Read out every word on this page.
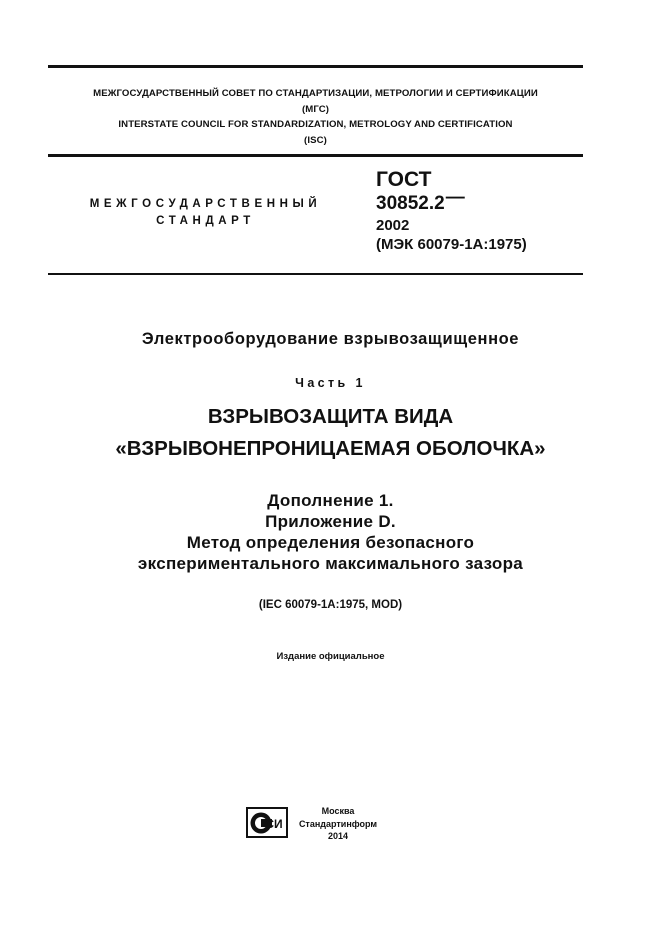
МЕЖГОСУДАРСТВЕННЫЙ СОВЕТ ПО СТАНДАРТИЗАЦИИ, МЕТРОЛОГИИ И СЕРТИФИКАЦИИ
(МГС)
INTERSTATE COUNCIL FOR STANDARDIZATION, METROLOGY AND CERTIFICATION
(ISC)
МЕЖГОСУДАРСТВЕННЫЙ
СТАНДАРТ
ГОСТ
30852.2—
2002
(МЭК 60079-1А:1975)
Электрооборудование взрывозащищенное
Часть 1
ВЗРЫВОЗАЩИТА ВИДА
«ВЗРЫВОНЕПРОНИЦАЕМАЯ ОБОЛОЧКА»
Дополнение 1.
Приложение D.
Метод определения безопасного
экспериментального максимального зазора
(IEC 60079-1А:1975, MOD)
Издание официальное
СИ
Москва
Стандартинформ
2014
